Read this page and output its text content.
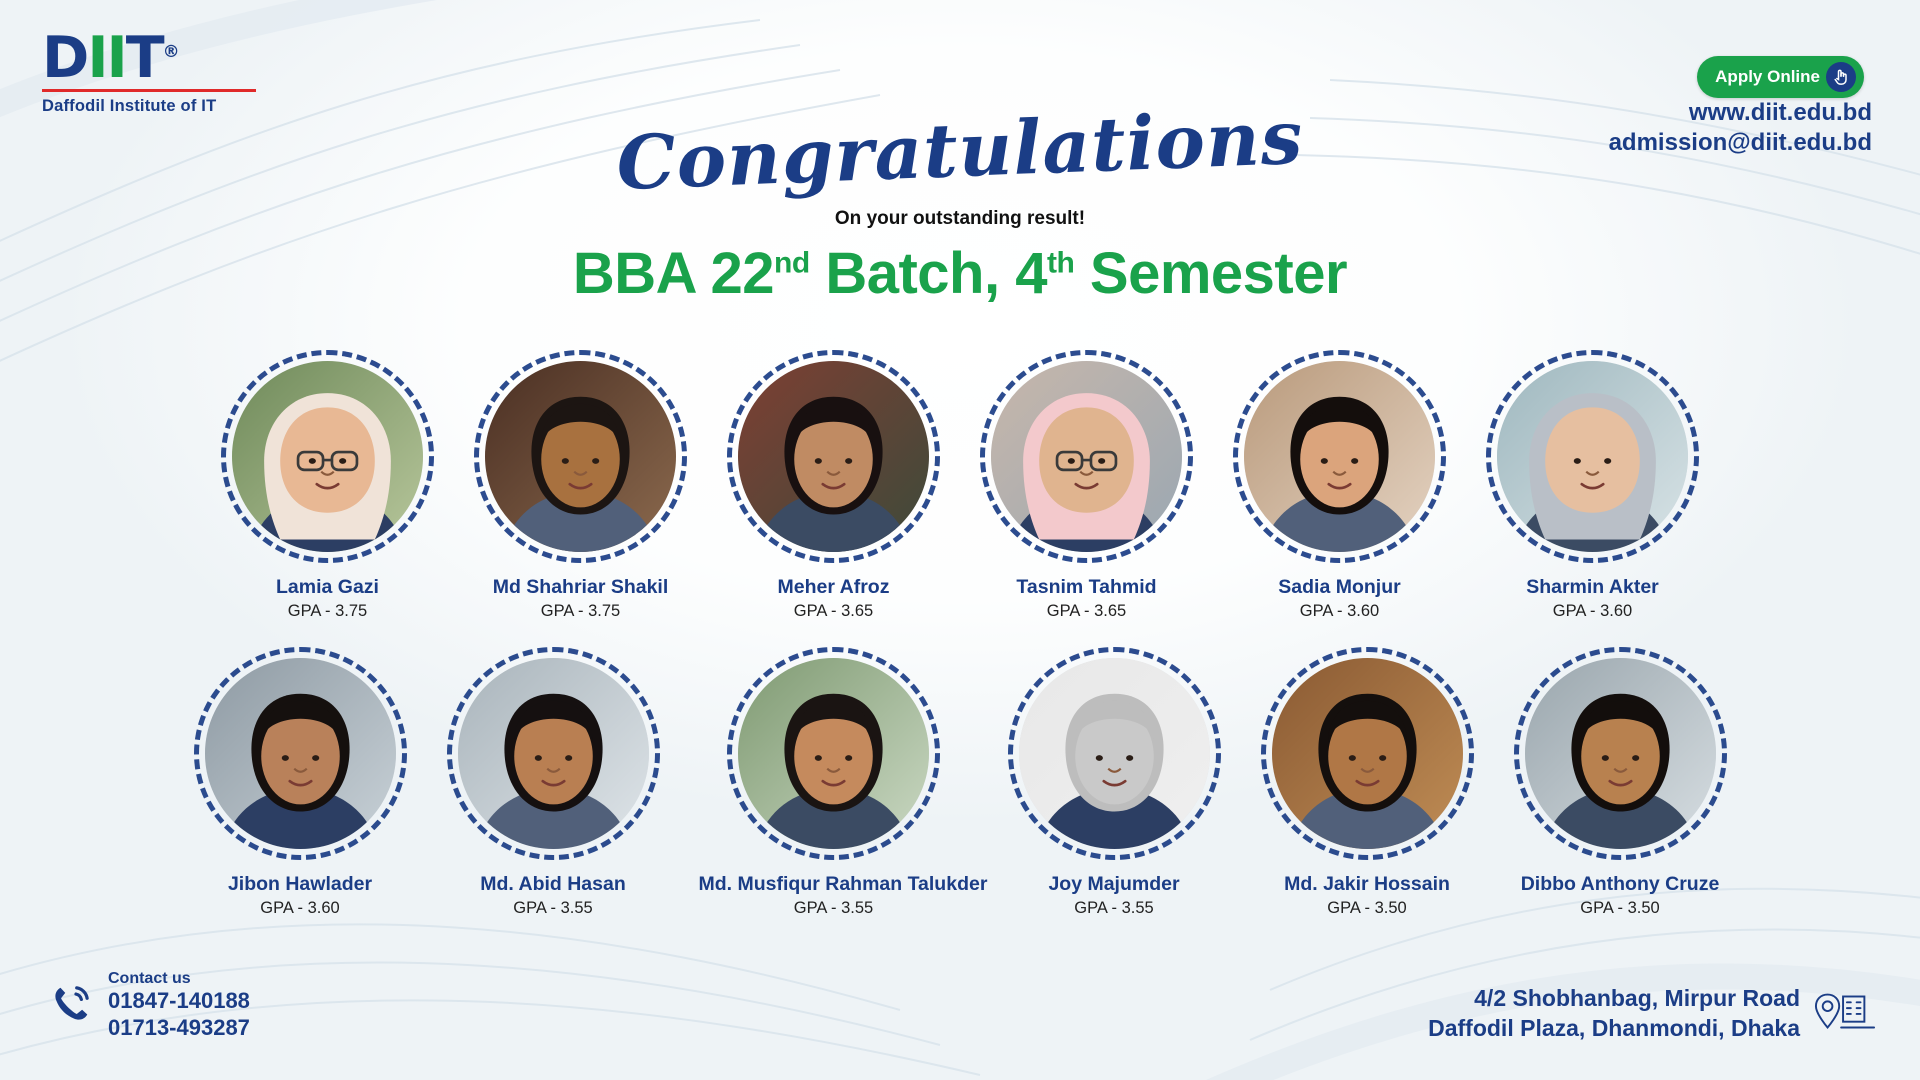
DIIT®
Daffodil Institute of IT
Apply Online
www.diit.edu.bd
admission@diit.edu.bd
Congratulations
On your outstanding result!
BBA 22nd Batch, 4th Semester
Lamia Gazi
GPA - 3.75
Md Shahriar Shakil
GPA - 3.75
Meher Afroz
GPA - 3.65
Tasnim Tahmid
GPA - 3.65
Sadia Monjur
GPA - 3.60
Sharmin Akter
GPA - 3.60
Jibon Hawlader
GPA - 3.60
Md. Abid Hasan
GPA - 3.55
Md. Musfiqur Rahman Talukder
GPA - 3.55
Joy Majumder
GPA - 3.55
Md. Jakir Hossain
GPA - 3.50
Dibbo Anthony Cruze
GPA - 3.50
Contact us
01847-140188
01713-493287
4/2 Shobhanbag, Mirpur Road
Daffodil Plaza, Dhanmondi, Dhaka
